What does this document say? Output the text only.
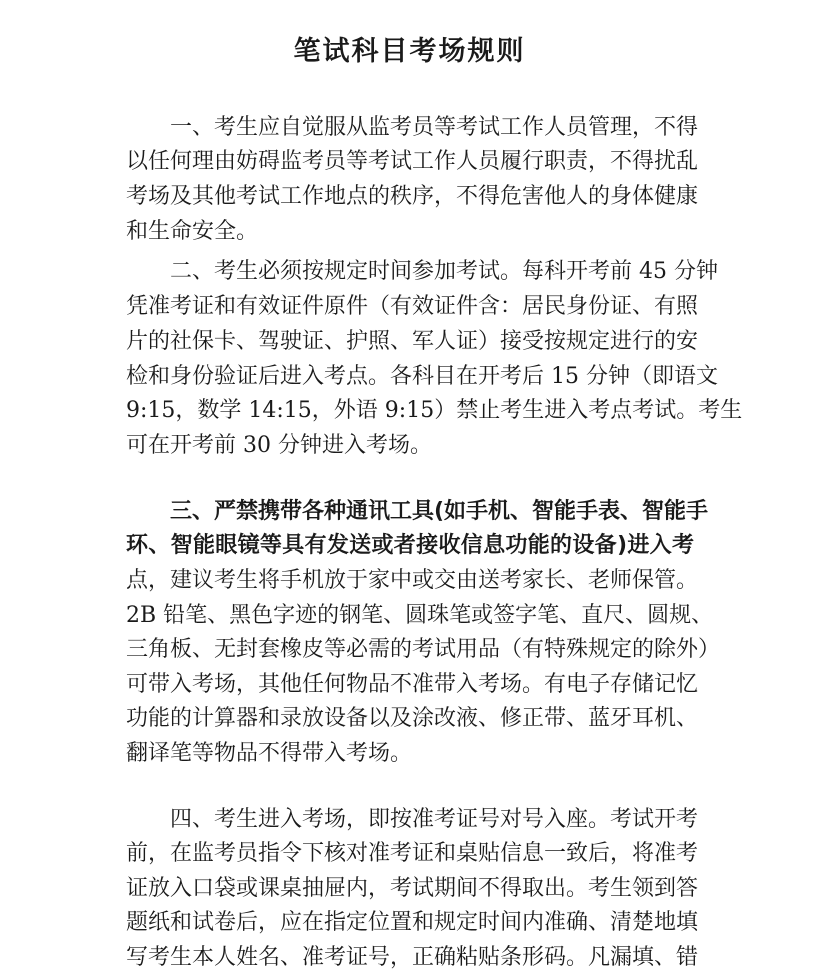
笔试科目考场规则
一、考生应自觉服从监考员等考试工作人员管理，不得
以任何理由妨碍监考员等考试工作人员履行职责，不得扰乱
考场及其他考试工作地点的秩序，不得危害他人的身体健康
和生命安全。
二、考生必须按规定时间参加考试。每科开考前 45 分钟
凭准考证和有效证件原件（有效证件含：居民身份证、有照
片的社保卡、驾驶证、护照、军人证）接受按规定进行的安
检和身份验证后进入考点。各科目在开考后 15 分钟（即语文
9:15，数学 14:15，外语 9:15）禁止考生进入考点考试。考生
可在开考前 30 分钟进入考场。
三、严禁携带各种通讯工具(如手机、智能手表、智能手
环、智能眼镜等具有发送或者接收信息功能的设备)进入考
点，建议考生将手机放于家中或交由送考家长、老师保管。
2B 铅笔、黑色字迹的钢笔、圆珠笔或签字笔、直尺、圆规、
三角板、无封套橡皮等必需的考试用品（有特殊规定的除外）
可带入考场，其他任何物品不准带入考场。有电子存储记忆
功能的计算器和录放设备以及涂改液、修正带、蓝牙耳机、
翻译笔等物品不得带入考场。
四、考生进入考场，即按准考证号对号入座。考试开考
前，在监考员指令下核对准考证和桌贴信息一致后，将准考
证放入口袋或课桌抽屉内，考试期间不得取出。考生领到答
题纸和试卷后，应在指定位置和规定时间内准确、清楚地填
写考生本人姓名、准考证号，正确粘贴条形码。凡漏填、错
